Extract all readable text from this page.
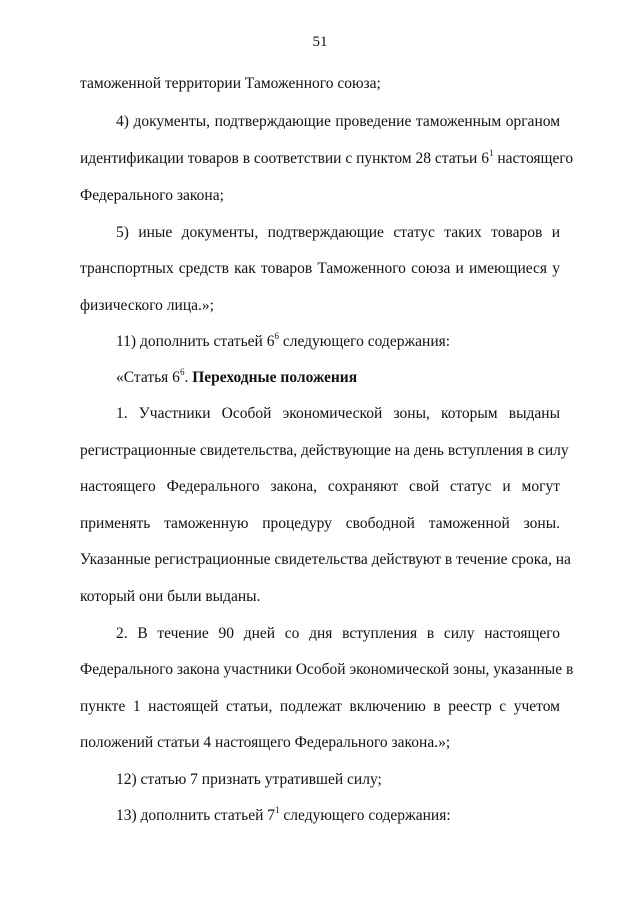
51
таможенной территории Таможенного союза;
4) документы, подтверждающие проведение таможенным органом
идентификации товаров в соответствии с пунктом 28 статьи $6^1$ настоящего
Федерального закона;
5) иные документы, подтверждающие статус таких товаров и
транспортных средств как товаров Таможенного союза и имеющиеся у
физического лица.»;
11) дополнить статьей $6^6$ следующего содержания:
«Статья $6^6$. Переходные положения
1. Участники Особой экономической зоны, которым выданы
регистрационные свидетельства, действующие на день вступления в силу
настоящего Федерального закона, сохраняют свой статус и могут
применять таможенную процедуру свободной таможенной зоны.
Указанные регистрационные свидетельства действуют в течение срока, на
который они были выданы.
2. В течение 90 дней со дня вступления в силу настоящего
Федерального закона участники Особой экономической зоны, указанные в
пункте 1 настоящей статьи, подлежат включению в реестр с учетом
положений статьи 4 настоящего Федерального закона.»;
12) статью 7 признать утратившей силу;
13) дополнить статьей $7^1$ следующего содержания:
